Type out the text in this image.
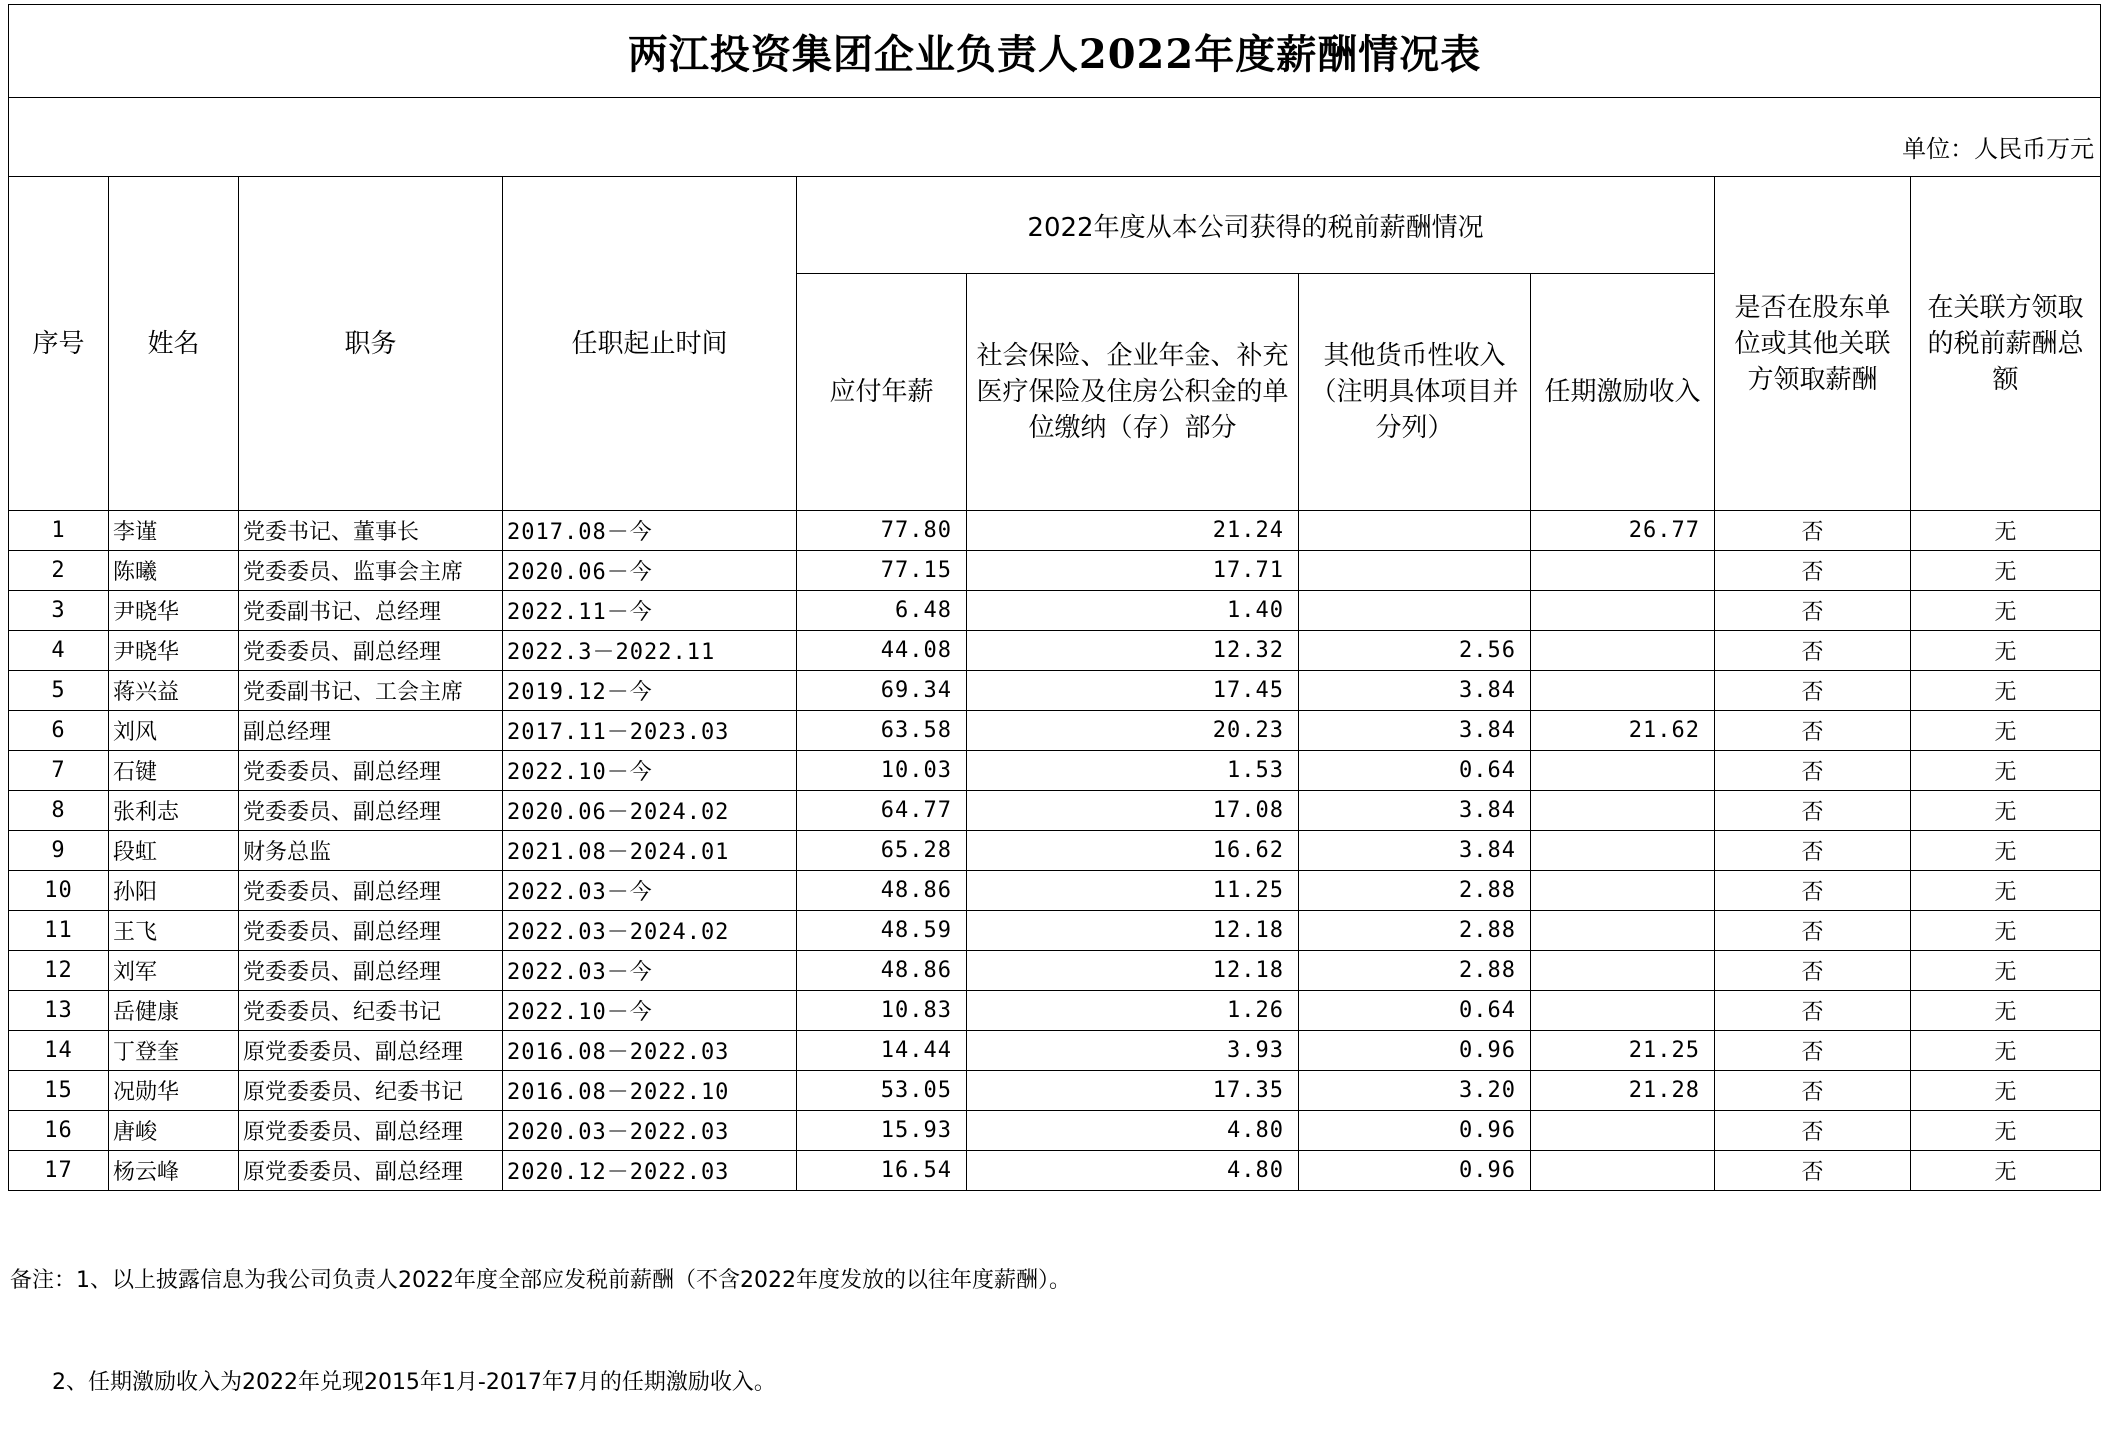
两江投资集团企业负责人2022年度薪酬情况表									
单位：人民币万元									
序号	姓名	职务	任职起止时间	2022年度从本公司获得的税前薪酬情况				是否在股东单位或其他关联方领取薪酬	在关联方领取的税前薪酬总额
				应付年薪	社会保险、企业年金、补充医疗保险及住房公积金的单位缴纳（存）部分	其他货币性收入（注明具体项目并分列）	任期激励收入		
1	李谨	党委书记、董事长	2017.08－今	77.80	21.24		26.77	否	无
2	陈曦	党委委员、监事会主席	2020.06－今	77.15	17.71			否	无
3	尹晓华	党委副书记、总经理	2022.11－今	6.48	1.40			否	无
4	尹晓华	党委委员、副总经理	2022.3－2022.11	44.08	12.32	2.56		否	无
5	蒋兴益	党委副书记、工会主席	2019.12－今	69.34	17.45	3.84		否	无
6	刘风	副总经理	2017.11－2023.03	63.58	20.23	3.84	21.62	否	无
7	石键	党委委员、副总经理	2022.10－今	10.03	1.53	0.64		否	无
8	张利志	党委委员、副总经理	2020.06－2024.02	64.77	17.08	3.84		否	无
9	段虹	财务总监	2021.08－2024.01	65.28	16.62	3.84		否	无
10	孙阳	党委委员、副总经理	2022.03－今	48.86	11.25	2.88		否	无
11	王飞	党委委员、副总经理	2022.03－2024.02	48.59	12.18	2.88		否	无
12	刘军	党委委员、副总经理	2022.03－今	48.86	12.18	2.88		否	无
13	岳健康	党委委员、纪委书记	2022.10－今	10.83	1.26	0.64		否	无
14	丁登奎	原党委委员、副总经理	2016.08－2022.03	14.44	3.93	0.96	21.25	否	无
15	况勋华	原党委委员、纪委书记	2016.08－2022.10	53.05	17.35	3.20	21.28	否	无
16	唐峻	原党委委员、副总经理	2020.03－2022.03	15.93	4.80	0.96		否	无
17	杨云峰	原党委委员、副总经理	2020.12－2022.03	16.54	4.80	0.96		否	无

备注：1、以上披露信息为我公司负责人2022年度全部应发税前薪酬（不含2022年度发放的以往年度薪酬）。

2、任期激励收入为2022年兑现2015年1月-2017年7月的任期激励收入。
